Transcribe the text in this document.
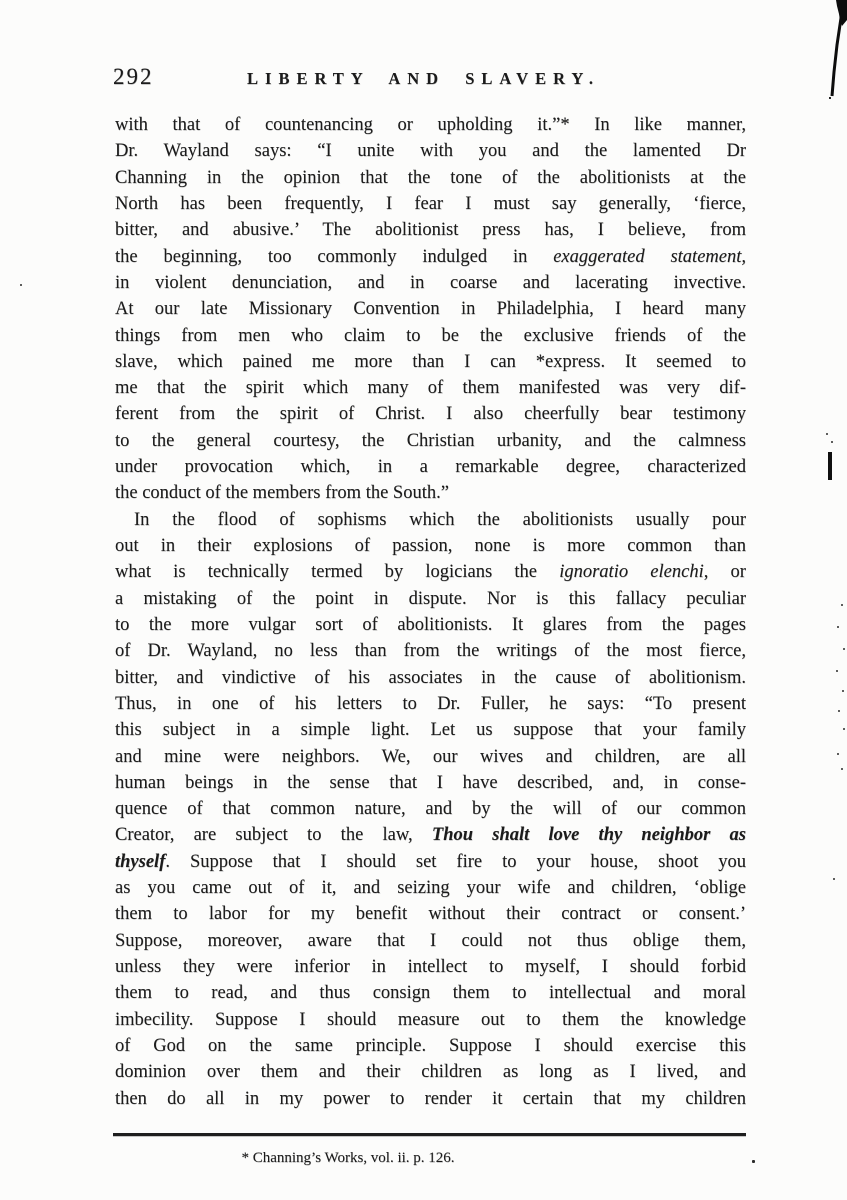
292	LIBERTY AND SLAVERY.
with that of countenancing or upholding it.”* In like manner,
Dr. Wayland says: “I unite with you and the lamented Dr
Channing in the opinion that the tone of the abolitionists at the
North has been frequently, I fear I must say generally, ‘fierce,
bitter, and abusive.’ The abolitionist press has, I believe, from
the beginning, too commonly indulged in exaggerated statement,
in violent denunciation, and in coarse and lacerating invective.
At our late Missionary Convention in Philadelphia, I heard many
things from men who claim to be the exclusive friends of the
slave, which pained me more than I can *express. It seemed to
me that the spirit which many of them manifested was very dif-
ferent from the spirit of Christ. I also cheerfully bear testimony
to the general courtesy, the Christian urbanity, and the calmness
under provocation which, in a remarkable degree, characterized
the conduct of the members from the South.”
In the flood of sophisms which the abolitionists usually pour
out in their explosions of passion, none is more common than
what is technically termed by logicians the ignoratio elenchi, or
a mistaking of the point in dispute. Nor is this fallacy peculiar
to the more vulgar sort of abolitionists. It glares from the pages
of Dr. Wayland, no less than from the writings of the most fierce,
bitter, and vindictive of his associates in the cause of abolitionism.
Thus, in one of his letters to Dr. Fuller, he says: “To present
this subject in a simple light. Let us suppose that your family
and mine were neighbors. We, our wives and children, are all
human beings in the sense that I have described, and, in conse-
quence of that common nature, and by the will of our common
Creator, are subject to the law, Thou shalt love thy neighbor as
thyself. Suppose that I should set fire to your house, shoot you
as you came out of it, and seizing your wife and children, ‘oblige
them to labor for my benefit without their contract or consent.’
Suppose, moreover, aware that I could not thus oblige them,
unless they were inferior in intellect to myself, I should forbid
them to read, and thus consign them to intellectual and moral
imbecility. Suppose I should measure out to them the knowledge
of God on the same principle. Suppose I should exercise this
dominion over them and their children as long as I lived, and
then do all in my power to render it certain that my children
* Channing’s Works, vol. ii. p. 126.
